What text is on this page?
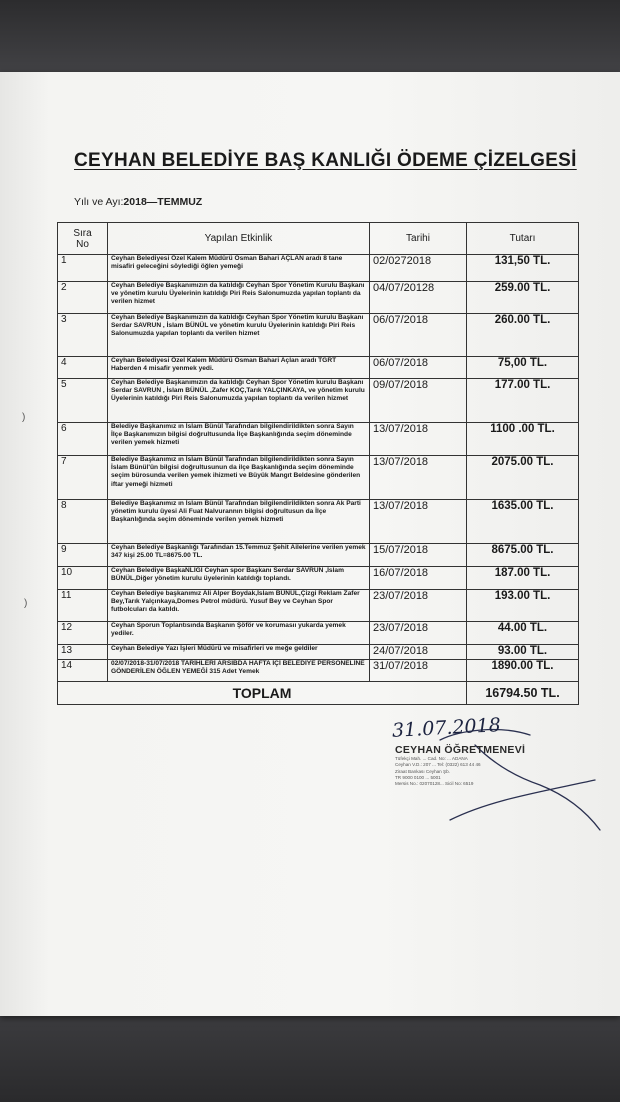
)
)
CEYHAN BELEDİYE BAŞ KANLIĞI ÖDEME ÇİZELGESİ
Yılı ve Ayı:2018—TEMMUZ
Sıra
No	Yapılan Etkinlik	Tarihi	Tutarı
1	Ceyhan Belediyesi Özel Kalem Müdürü Osman Bahari AÇLAN aradı 8 tane misafiri geleceğini söylediği öğlen yemeği	02/0272018	131,50 TL.
2	Ceyhan Belediye Başkanımızın da katıldığı Ceyhan Spor Yönetim Kurulu Başkanı ve yönetim kurulu Üyelerinin katıldığı Piri Reis Salonumuzda yapılan toplantı da verilen hizmet	04/07/20128	259.00 TL.
3	Ceyhan Belediye Başkanımızın da katıldığı Ceyhan Spor Yönetim kurulu Başkanı Serdar SAVRUN , İslam BÜNÜL ve yönetim kurulu Üyelerinin katıldığı Piri Reis Salonumuzda yapılan toplantı da verilen hizmet	06/07/2018	260.00 TL.
4	Ceyhan Belediyesi Özel Kalem Müdürü Osman Bahari Açlan aradı TGRT Haberden 4 misafir yenmek yedi.	06/07/2018	75,00 TL.
5	Ceyhan Belediye Başkanımızın da katıldığı Ceyhan Spor Yönetim kurulu Başkanı Serdar SAVRUN , İslam BÜNÜL ,Zafer KOÇ,Tarık YALÇINKAYA, ve yönetim kurulu Üyelerinin katıldığı Piri Reis Salonumuzda yapılan toplantı da verilen hizmet	09/07/2018	177.00 TL.
6	Belediye Başkanımız ın İslam Bünül Tarafından bilgilendirildikten sonra Sayın İlçe Başkanımızın bilgisi doğrultusunda İlçe Başkanlığında seçim döneminde verilen yemek hizmeti	13/07/2018	1100 .00 TL.
7	Belediye Başkanımız ın İslam Bünül Tarafından bilgilendirildikten sonra Sayın İslam Bünül'ün bilgisi doğrultusunun da ilçe Başkanlığında seçim döneminde seçim bürosunda verilen yemek ihizmeti ve Büyük Mangıt Beldesine gönderilen iftar yemeği hizmeti	13/07/2018	2075.00 TL.
8	Belediye Başkanımız ın İslam Bünül Tarafından bilgilendirildikten sonra Ak Parti yönetim kurulu üyesi Ali Fuat Nalvurannın bilgisi doğrultusun da İlçe Başkanlığında seçim döneminde verilen yemek hizmeti	13/07/2018	1635.00 TL.
9	Ceyhan Belediye Başkanlığı Tarafından 15.Temmuz Şehit Ailelerine verilen yemek 347 kişi 25.00 TL=8675.00 TL.	15/07/2018	8675.00 TL.
10	Ceyhan Belediye BaşkaNLIĞI Ceyhan spor Başkanı Serdar SAVRUN ,İslam BÜNÜL,Diğer yönetim kurulu üyelerinin katıldığı toplandı.	16/07/2018	187.00 TL.
11	Ceyhan Belediye başkanımız Ali Alper Boydak,İslam BÜNÜL,Çizgi Reklam Zafer Bey,Tarık Yalçınkaya,Domes Petrol müdürü. Yusuf Bey ve Ceyhan Spor futbolcuları da katıldı.	23/07/2018	193.00 TL.
12	Ceyhan Sporun Toplantısında Başkanın Şöför ve korumasıı yukarda yemek yediler.	23/07/2018	44.00 TL.
13	Ceyhan Belediye Yazı İşleri Müdürü ve misafirleri ve meğe geldiler	24/07/2018	93.00 TL.
14	02/07/2018-31/07/2018 TARİHLERİ ARSIBDA HAFTA İÇİ BELEDİYE PERSONELİNE GÖNDERİLEN ÖĞLEN YEMEĞİ 315 Adet Yemek	31/07/2018	1890.00 TL.
TOPLAM			16794.50 TL.
31.07.2018
CEYHAN ÖĞRETMENEVİ
Tüfekçi Mah. ... Cad. No: ... ADANA
Ceyhan V.D.: 207 ... Tel: (0322) 613 44 46
Ziraat Bankası Ceyhan Şb.
TR 9000 0100 ... 5001
Mersis No.: 02070128... Sicil No: 6519
